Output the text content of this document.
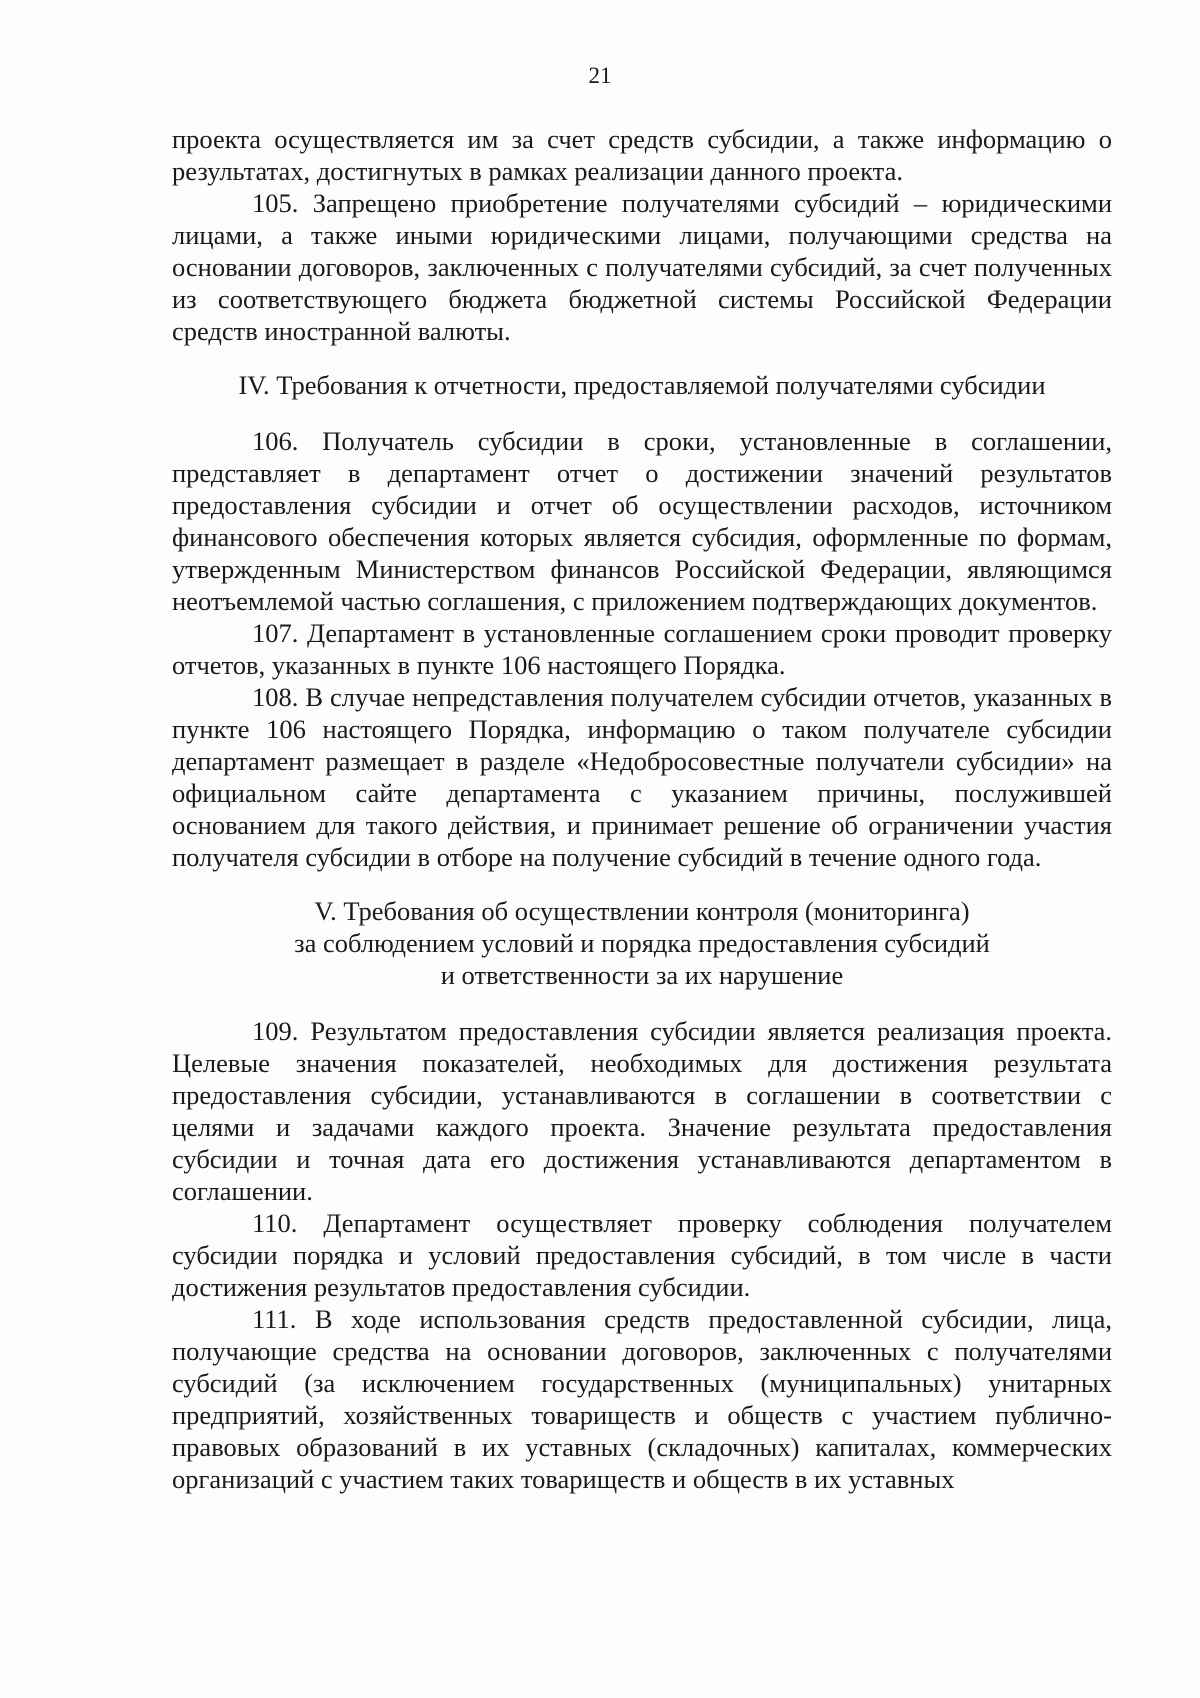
21

проекта осуществляется им за счет средств субсидии, а также информацию о результатах, достигнутых в рамках реализации данного проекта.

105. Запрещено приобретение получателями субсидий – юридическими лицами, а также иными юридическими лицами, получающими средства на основании договоров, заключенных с получателями субсидий, за счет полученных из соответствующего бюджета бюджетной системы Российской Федерации средств иностранной валюты.

IV. Требования к отчетности, предоставляемой получателями субсидии

106. Получатель субсидии в сроки, установленные в соглашении, представляет в департамент отчет о достижении значений результатов предоставления субсидии и отчет об осуществлении расходов, источником финансового обеспечения которых является субсидия, оформленные по формам, утвержденным Министерством финансов Российской Федерации, являющимся неотъемлемой частью соглашения, с приложением подтверждающих документов.

107. Департамент в установленные соглашением сроки проводит проверку отчетов, указанных в пункте 106 настоящего Порядка.

108. В случае непредставления получателем субсидии отчетов, указанных в пункте 106 настоящего Порядка, информацию о таком получателе субсидии департамент размещает в разделе «Недобросовестные получатели субсидии» на официальном сайте департамента с указанием причины, послужившей основанием для такого действия, и принимает решение об ограничении участия получателя субсидии в отборе на получение субсидий в течение одного года.

V. Требования об осуществлении контроля (мониторинга)
за соблюдением условий и порядка предоставления субсидий
и ответственности за их нарушение

109. Результатом предоставления субсидии является реализация проекта. Целевые значения показателей, необходимых для достижения результата предоставления субсидии, устанавливаются в соглашении в соответствии с целями и задачами каждого проекта. Значение результата предоставления субсидии и точная дата его достижения устанавливаются департаментом в соглашении.

110. Департамент осуществляет проверку соблюдения получателем субсидии порядка и условий предоставления субсидий, в том числе в части достижения результатов предоставления субсидии.

111. В ходе использования средств предоставленной субсидии, лица, получающие средства на основании договоров, заключенных с получателями субсидий (за исключением государственных (муниципальных) унитарных предприятий, хозяйственных товариществ и обществ с участием публично-правовых образований в их уставных (складочных) капиталах, коммерческих организаций с участием таких товариществ и обществ в их уставных
